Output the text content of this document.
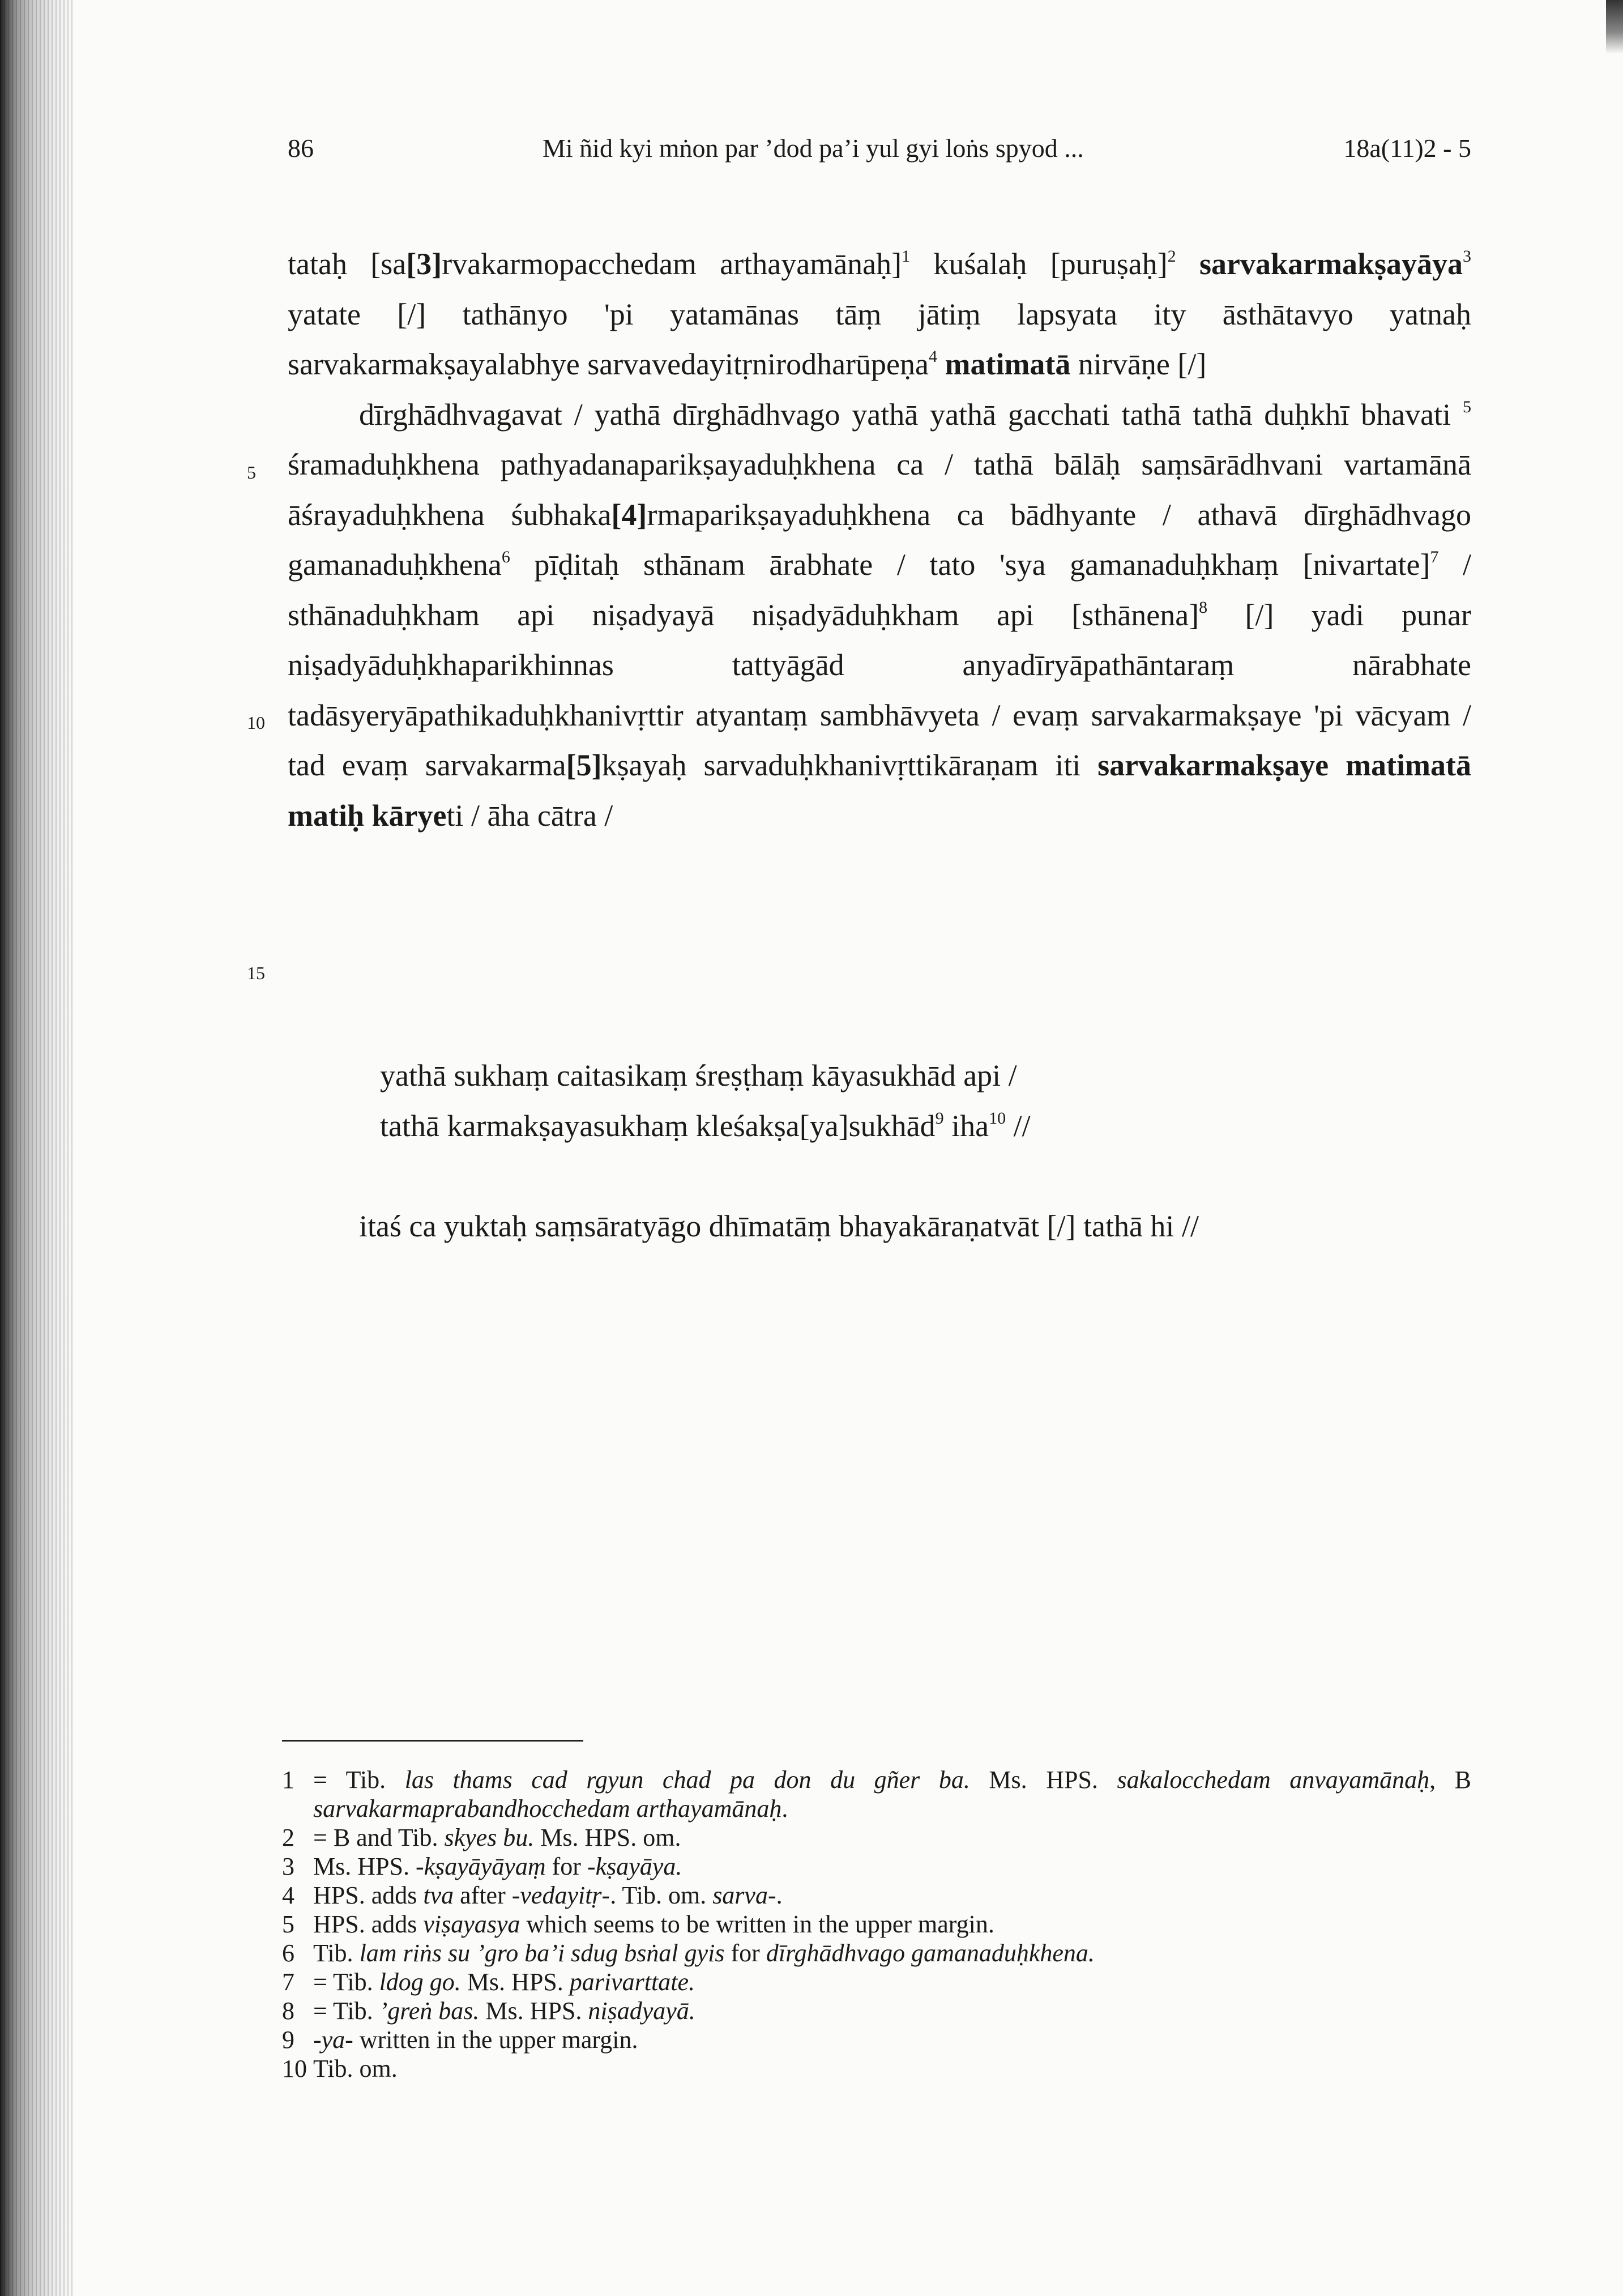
86	Mi ñid kyi mṅon par ’dod pa’i yul gyi loṅs spyod ...	18a(11)2 - 5
5
10
15

tataḥ [sa[3]rvakarmopacchedam arthayamānaḥ]$^1$ kuśalaḥ [puruṣaḥ]$^2$ sarvakarmakṣayāya$^3$ yatate [/] tathānyo 'pi yatamānas tāṃ jātiṃ lapsyata ity āsthātavyo yatnaḥ sarvakarmakṣayalabhye sarvavedayitṛnirodharūpeṇa$^4$ matimatā nirvāṇe [/]

dīrghādhvagavat / yathā dīrghādhvago yathā yathā gacchati tathā tathā duḥkhī bhavati $^5$ śramaduḥkhena pathyadanaparikṣayaduḥkhena ca / tathā bālāḥ saṃsārādhvani vartamānā āśrayaduḥkhena śubhaka[4]rmaparikṣayaduḥkhena ca bādhyante / athavā dīrghādhvago gamanaduḥkhena$^6$ pīḍitaḥ sthānam ārabhate / tato 'sya gamanaduḥkhaṃ [nivartate]$^7$ / sthānaduḥkham api niṣadyayā niṣadyāduḥkham api [sthānena]$^8$ [/] yadi punar niṣadyāduḥkhaparikhinnas tattyāgād anyadīryāpathāntaraṃ nārabhate tadāsyeryāpathikaduḥkhanivṛttir atyantaṃ sambhāvyeta / evaṃ sarvakarmakṣaye 'pi vācyam / tad evaṃ sarvakarma[5]kṣayaḥ sarvaduḥkhanivṛttikāraṇam iti sarvakarmakṣaye matimatā matiḥ kāryeti / āha cātra /

yathā sukhaṃ caitasikaṃ śreṣṭhaṃ kāyasukhād api /
tathā karmakṣayasukhaṃ kleśakṣa[ya]sukhād$^9$ iha$^{10}$ //

itaś ca yuktaḥ saṃsāratyāgo dhīmatāṃ bhayakāraṇatvāt [/] tathā hi //

1 = Tib. las thams cad rgyun chad pa don du gñer ba. Ms. HPS. sakalocchedam anvayamānaḥ, B sarvakarmaprabandhocchedam arthayamānaḥ.
2 = B and Tib. skyes bu. Ms. HPS. om.
3 Ms. HPS. -kṣayāyāyaṃ for -kṣayāya.
4 HPS. adds tva after -vedayitṛ-. Tib. om. sarva-.
5 HPS. adds viṣayasya which seems to be written in the upper margin.
6 Tib. lam riṅs su ’gro ba’i sdug bsṅal gyis for dīrghādhvago gamanaduḥkhena.
7 = Tib. ldog go. Ms. HPS. parivarttate.
8 = Tib. ’greṅ bas. Ms. HPS. niṣadyayā.
9 -ya- written in the upper margin.
10 Tib. om.
